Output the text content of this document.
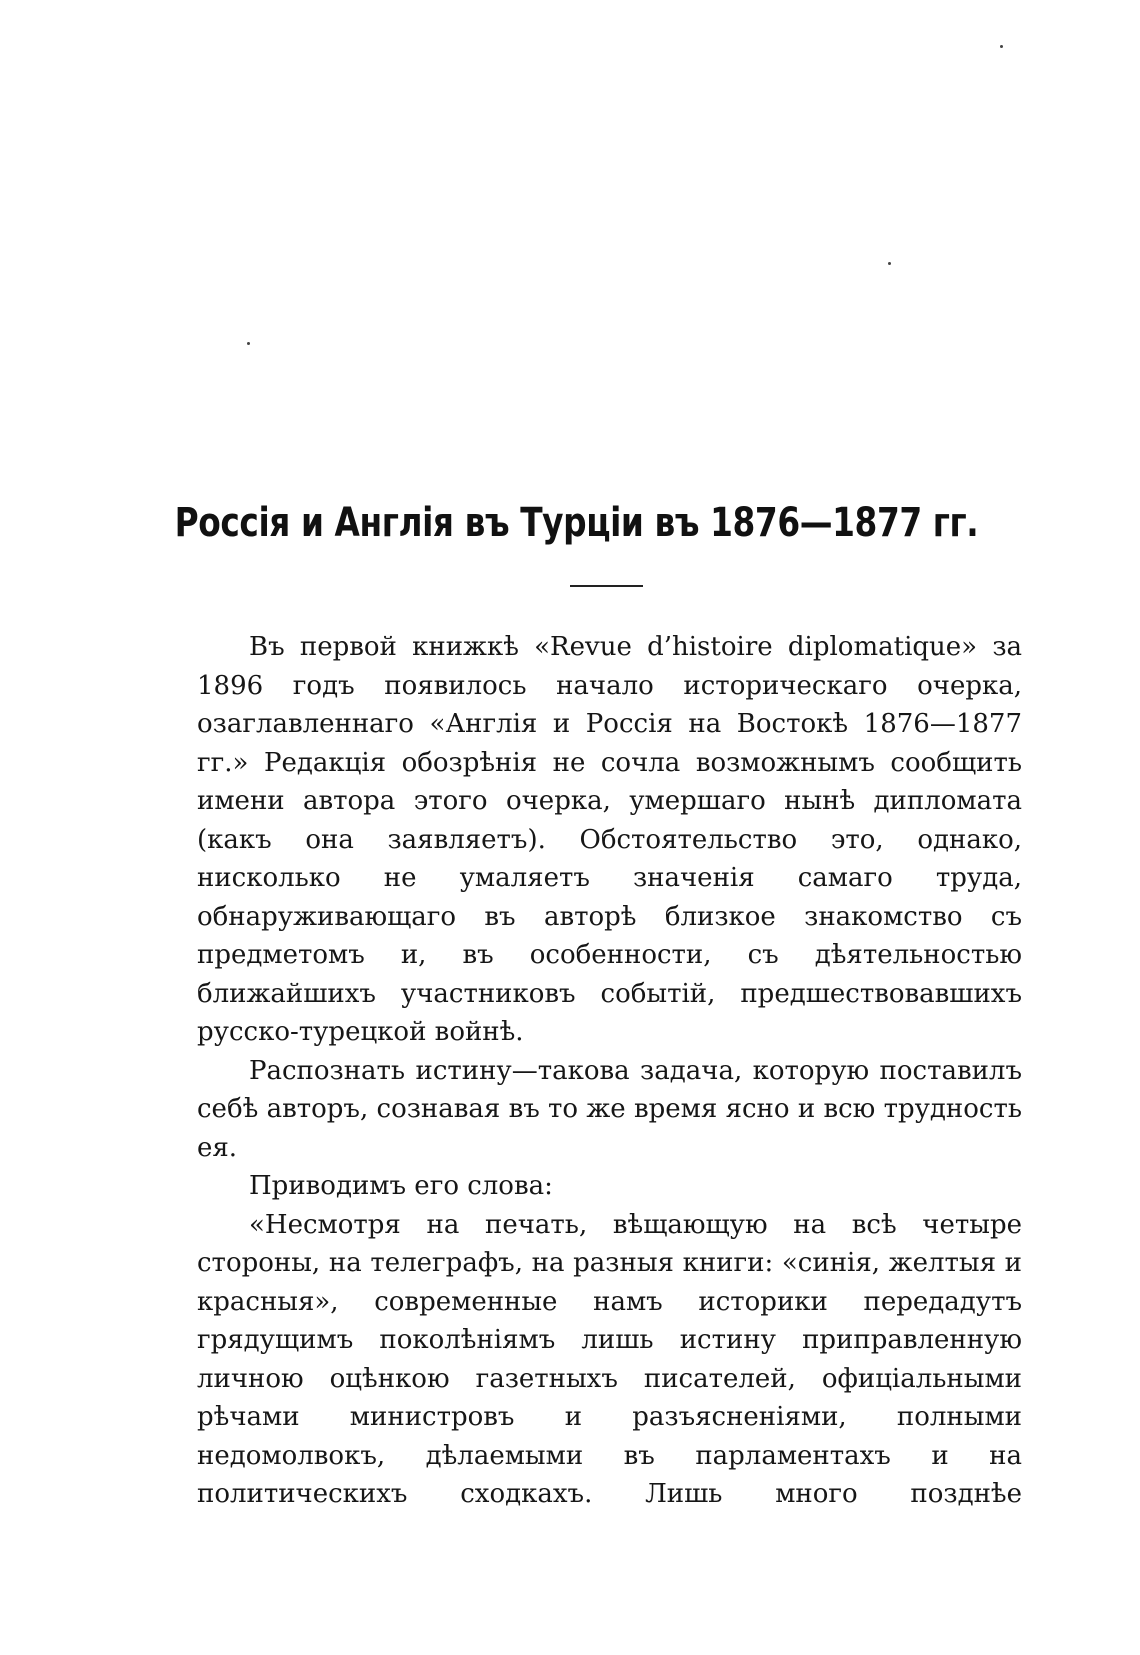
Россія и Англія въ Турціи въ 1876—1877 гг.

Въ первой книжкѣ «Revue d’histoire diplomatique» за 1896 годъ появилось начало историческаго очерка, озаглавленнаго «Англія и Россія на Востокѣ 1876—1877 гг.» Редакція обозрѣнія не сочла возможнымъ сообщить имени автора этого очерка, умершаго нынѣ дипломата (какъ она заявляетъ). Обстоятельство это, однако, нисколько не умаляетъ значенія самаго труда, обнаруживающаго въ авторѣ близкое знакомство съ предметомъ и, въ особенности, съ дѣятельностью ближайшихъ участниковъ событій, предшествовавшихъ русско-турецкой войнѣ.

Распознать истину—такова задача, которую поставилъ себѣ авторъ, сознавая въ то же время ясно и всю трудность ея.

Приводимъ его слова:

«Несмотря на печать, вѣщающую на всѣ четыре стороны, на телеграфъ, на разныя книги: «синія, желтыя и красныя», современные намъ историки передадутъ грядущимъ поколѣніямъ лишь истину приправленную личною оцѣнкою газетныхъ писателей, офиціальными рѣчами министровъ и разъясненіями, полными недомолвокъ, дѣлаемыми въ парламентахъ и на политическихъ сходкахъ. Лишь много позднѣе
